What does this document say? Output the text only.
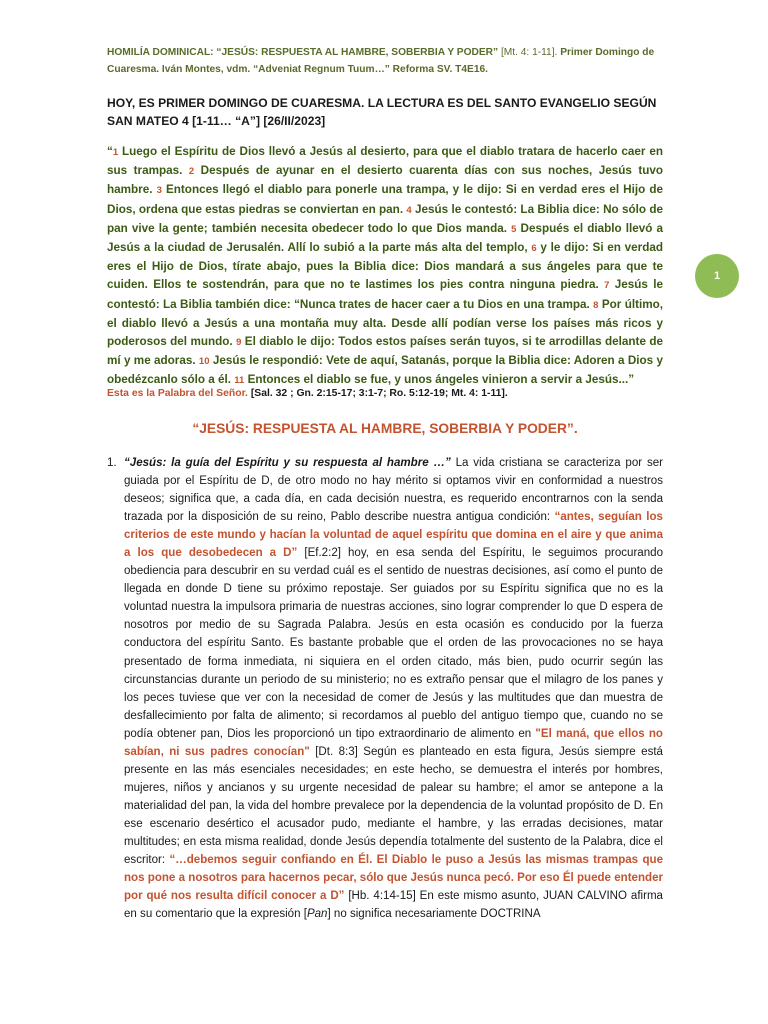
HOMILÍA DOMINICAL: “JESÚS: RESPUESTA AL HAMBRE, SOBERBIA Y PODER” [Mt. 4: 1-11]. Primer Domingo de Cuaresma. Iván Montes, vdm. “Adveniat Regnum Tuum…” Reforma SV. T4E16.
HOY, ES PRIMER DOMINGO DE CUARESMA. LA LECTURA ES DEL SANTO EVANGELIO SEGÚN SAN MATEO 4 [1-11… “A”] [26/II/2023]
“1 Luego el Espíritu de Dios llevó a Jesús al desierto, para que el diablo tratara de hacerlo caer en sus trampas. 2 Después de ayunar en el desierto cuarenta días con sus noches, Jesús tuvo hambre. 3 Entonces llegó el diablo para ponerle una trampa, y le dijo: Si en verdad eres el Hijo de Dios, ordena que estas piedras se conviertan en pan. 4 Jesús le contestó: La Biblia dice: No sólo de pan vive la gente; también necesita obedecer todo lo que Dios manda. 5 Después el diablo llevó a Jesús a la ciudad de Jerusalén. Allí lo subió a la parte más alta del templo, 6 y le dijo: Si en verdad eres el Hijo de Dios, tírate abajo, pues la Biblia dice: Dios mandará a sus ángeles para que te cuiden. Ellos te sostendrán, para que no te lastimes los pies contra ninguna piedra. 7 Jesús le contestó: La Biblia también dice: “Nunca trates de hacer caer a tu Dios en una trampa. 8 Por último, el diablo llevó a Jesús a una montaña muy alta. Desde allí podían verse los países más ricos y poderosos del mundo. 9 El diablo le dijo: Todos estos países serán tuyos, si te arrodillas delante de mí y me adoras. 10 Jesús le respondió: Vete de aquí, Satanás, porque la Biblia dice: Adoren a Dios y obedézcanlo sólo a él. 11 Entonces el diablo se fue, y unos ángeles vinieron a servir a Jesús...”
Esta es la Palabra del Señor. [Sal. 32 ; Gn. 2:15-17; 3:1-7; Ro. 5:12-19; Mt. 4: 1-11].
“JESÚS: RESPUESTA AL HAMBRE, SOBERBIA Y PODER”.
1. “Jesús: la guía del Espíritu y su respuesta al hambre …” La vida cristiana se caracteriza por ser guiada por el Espíritu de D, de otro modo no hay mérito si optamos vivir en conformidad a nuestros deseos; significa que, a cada día, en cada decisión nuestra, es requerido encontrarnos con la senda trazada por la disposición de su reino, Pablo describe nuestra antigua condición: “antes, seguían los criterios de este mundo y hacían la voluntad de aquel espíritu que domina en el aire y que anima a los que desobedecen a D” [Ef.2:2] hoy, en esa senda del Espíritu, le seguimos procurando obediencia para descubrir en su verdad cuál es el sentido de nuestras decisiones, así como el punto de llegada en donde D tiene su próximo repostaje. Ser guiados por su Espíritu significa que no es la voluntad nuestra la impulsora primaria de nuestras acciones, sino lograr comprender lo que D espera de nosotros por medio de su Sagrada Palabra. Jesús en esta ocasión es conducido por la fuerza conductora del espíritu Santo. Es bastante probable que el orden de las provocaciones no se haya presentado de forma inmediata, ni siquiera en el orden citado, más bien, pudo ocurrir según las circunstancias durante un periodo de su ministerio; no es extraño pensar que el milagro de los panes y los peces tuviese que ver con la necesidad de comer de Jesús y las multitudes que dan muestra de desfallecimiento por falta de alimento; si recordamos al pueblo del antiguo tiempo que, cuando no se podía obtener pan, Dios les proporcionó un tipo extraordinario de alimento en "El maná, que ellos no sabían, ni sus padres conocían" [Dt. 8:3] Según es planteado en esta figura, Jesús siempre está presente en las más esenciales necesidades; en este hecho, se demuestra el interés por hombres, mujeres, niños y ancianos y su urgente necesidad de palear su hambre; el amor se antepone a la materialidad del pan, la vida del hombre prevalece por la dependencia de la voluntad propósito de D. En ese escenario desértico el acusador pudo, mediante el hambre, y las erradas decisiones, matar multitudes; en esta misma realidad, donde Jesús dependía totalmente del sustento de la Palabra, dice el escritor: “…debemos seguir confiando en Él. El Diablo le puso a Jesús las mismas trampas que nos pone a nosotros para hacernos pecar, sólo que Jesús nunca pecó. Por eso Él puede entender por qué nos resulta difícil conocer a D” [Hb. 4:14-15] En este mismo asunto, JUAN CALVINO afirma en su comentario que la expresión [Pan] no significa necesariamente DOCTRINA
1
